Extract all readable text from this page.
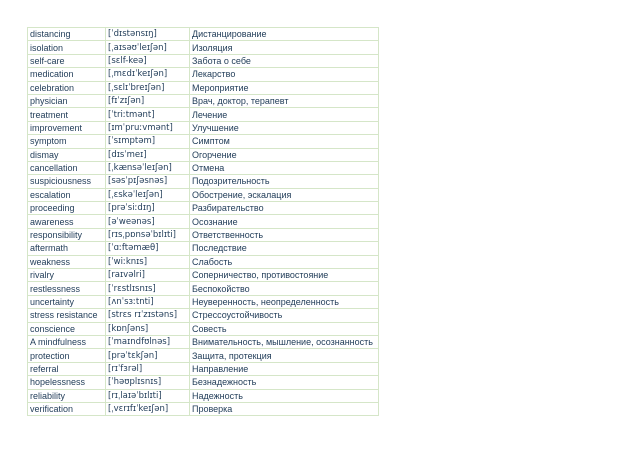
distancing	[ˈdɪstənsɪŋ]	Дистанцирование
isolation	[ˌaɪsəʊˈleɪʃən]	Изоляция
self-care	[sɛlf-keə]	Забота о себе
medication	[ˌmɛdɪˈkeɪʃən]	Лекарство
celebration	[ˌsɛlɪˈbreɪʃən]	Мероприятие
physician	[fɪˈzɪʃən]	Врач, доктор, терапевт
treatment	[ˈtriːtmənt]	Лечение
improvement	[ɪmˈpruːvmənt]	Улучшение
symptom	[ˈsɪmptəm]	Симптом
dismay	[dɪsˈmeɪ]	Огорчение
cancellation	[ˌkænsəˈleɪʃən]	Отмена
suspiciousness	[səsˈpɪʃəsnəs]	Подозрительность
escalation	[ˌɛskəˈleɪʃən]	Обострение, эскалация
proceeding	[prəˈsiːdɪŋ]	Разбирательство
awareness	[əˈweənəs]	Осознание
responsibility	[rɪsˌpɒnsəˈbɪlɪti]	Ответственность
aftermath	[ˈɑːftəmæθ]	Последствие
weakness	[ˈwiːknɪs]	Слабость
rivalry	[raɪvəlri]	Соперничество, противостояние
restlessness	[ˈrɛstlɪsnɪs]	Беспокойство
uncertainty	[ʌnˈsɜːtnti]	Неуверенность, неопределенность
stress resistance	[strɛs rɪˈzɪstəns]	Стрессоустойчивость
conscience	[kɒnʃəns]	Совесть
A mindfulness	[ˈmaɪndfʊlnəs]	Внимательность, мышление, осознанность
protection	[prəˈtɛkʃən]	Защита, протекция
referral	[rɪˈfɜrəl]	Направление
hopelessness	[ˈhəʊplɪsnɪs]	Безнадежность
reliability	[rɪˌlaɪəˈbɪlɪti]	Надежность
verification	[ˌvɛrɪfɪˈkeɪʃən]	Проверка
